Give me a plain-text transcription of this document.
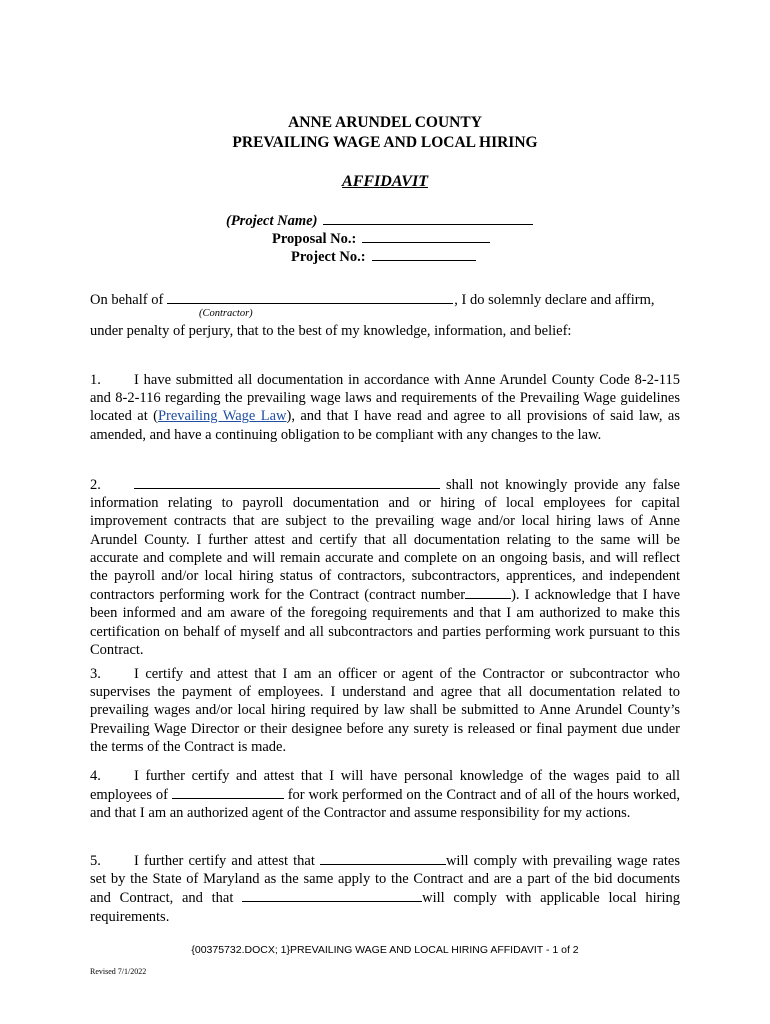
ANNE ARUNDEL COUNTY
PREVAILING WAGE AND LOCAL HIRING
AFFIDAVIT
(Project Name)
Proposal No.:
Project No.:
On behalf of	, I do solemnly declare and affirm,
(Contractor)
under penalty of perjury, that to the best of my knowledge, information, and belief:
1. I have submitted all documentation in accordance with Anne Arundel County Code 8-2-115 and 8-2-116 regarding the prevailing wage laws and requirements of the Prevailing Wage guidelines located at (Prevailing Wage Law), and that I have read and agree to all provisions of said law, as amended, and have a continuing obligation to be compliant with any changes to the law.
2.	shall not knowingly provide any false information relating to payroll documentation and or hiring of local employees for capital improvement contracts that are subject to the prevailing wage and/or local hiring laws of Anne Arundel County. I further attest and certify that all documentation relating to the same will be accurate and complete and will remain accurate and complete on an ongoing basis, and will reflect the payroll and/or local hiring status of contractors, subcontractors, apprentices, and independent contractors performing work for the Contract (contract number	). I acknowledge that I have been informed and am aware of the foregoing requirements and that I am authorized to make this certification on behalf of myself and all subcontractors and parties performing work pursuant to this Contract.
3. I certify and attest that I am an officer or agent of the Contractor or subcontractor who supervises the payment of employees. I understand and agree that all documentation related to prevailing wages and/or local hiring required by law shall be submitted to Anne Arundel County’s Prevailing Wage Director or their designee before any surety is released or final payment due under the terms of the Contract is made.
4. I further certify and attest that I will have personal knowledge of the wages paid to all employees of	for work performed on the Contract and of all of the hours worked, and that I am an authorized agent of the Contractor and assume responsibility for my actions.
5. I further certify and attest that	will comply with prevailing wage rates set by the State of Maryland as the same apply to the Contract and are a part of the bid documents and Contract, and that	will comply with applicable local hiring requirements.
{00375732.DOCX; 1}PREVAILING WAGE AND LOCAL HIRING AFFIDAVIT - 1 of 2
Revised 7/1/2022
